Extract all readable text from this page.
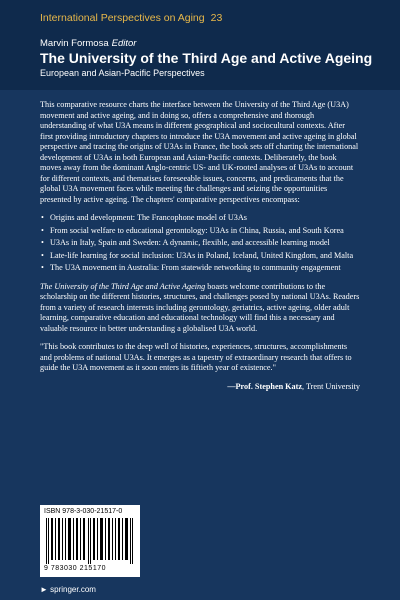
International Perspectives on Aging 23
Marvin Formosa Editor
The University of the Third Age and Active Ageing
European and Asian-Pacific Perspectives

This comparative resource charts the interface between the University of the Third Age (U3A) movement and active ageing, and in doing so, offers a comprehensive and thorough understanding of what U3A means in different geographical and sociocultural contexts. After first providing introductory chapters to introduce the U3A movement and active ageing in global perspective and tracing the origins of U3As in France, the book sets off charting the international development of U3As in both European and Asian-Pacific contexts. Deliberately, the book moves away from the dominant Anglo-centric US- and UK-rooted analyses of U3As to account for different contexts, and thematises foreseeable issues, concerns, and predicaments that the global U3A movement faces while meeting the challenges and seizing the opportunities presented by active ageing. The chapters' comparative perspectives encompass:

• Origins and development: The Francophone model of U3As
• From social welfare to educational gerontology: U3As in China, Russia, and South Korea
• U3As in Italy, Spain and Sweden: A dynamic, flexible, and accessible learning model
• Late-life learning for social inclusion: U3As in Poland, Iceland, United Kingdom, and Malta
• The U3A movement in Australia: From statewide networking to community engagement

The University of the Third Age and Active Ageing boasts welcome contributions to the scholarship on the different histories, structures, and challenges posed by national U3As. Readers from a variety of research interests including gerontology, geriatrics, active ageing, older adult learning, comparative education and educational technology will find this a necessary and valuable resource in better understanding a globalised U3A world.

"This book contributes to the deep well of histories, experiences, structures, accomplishments and problems of national U3As. It emerges as a tapestry of extraordinary research that offers to guide the U3A movement as it soon enters its fiftieth year of existence."

—Prof. Stephen Katz, Trent University
ISBN 978-3-030-21517-0
9 783030 215170
► springer.com
